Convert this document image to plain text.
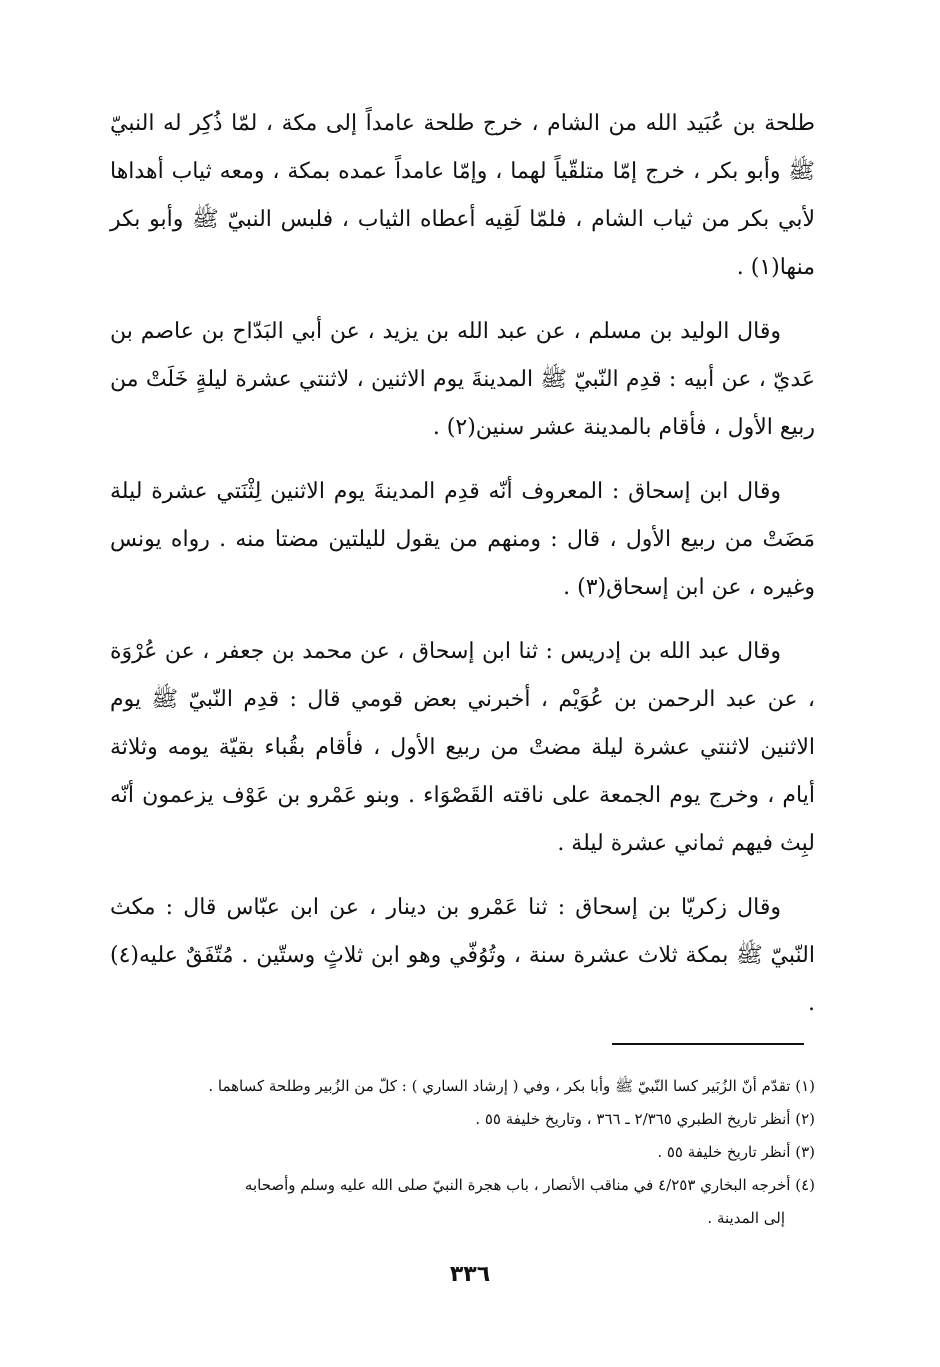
طلحة بن عُبَيد الله من الشام ، خرج طلحة عامداً إلى مكة ، لمّا ذُكِر له النبيّ ﷺ وأبو بكر ، خرج إمّا متلقّياً لهما ، وإمّا عامداً عمده بمكة ، ومعه ثياب أهداها لأبي بكر من ثياب الشام ، فلمّا لَقِيه أعطاه الثياب ، فلبس النبيّ ﷺ وأبو بكر منها(١) .

وقال الوليد بن مسلم ، عن عبد الله بن يزيد ، عن أبي البَدّاح بن عاصم بن عَديّ ، عن أبيه : قدِم النّبيّ ﷺ المدينةَ يوم الاثنين ، لاثنتي عشرة ليلةٍ خَلَتْ من ربيع الأول ، فأقام بالمدينة عشر سنين(٢) .

وقال ابن إسحاق : المعروف أنّه قدِم المدينةَ يوم الاثنين لِثْنَتي عشرة ليلة مَضَتْ من ربيع الأول ، قال : ومنهم من يقول لليلتين مضتا منه . رواه يونس وغيره ، عن ابن إسحاق(٣) .

وقال عبد الله بن إدريس : ثنا ابن إسحاق ، عن محمد بن جعفر ، عن عُرْوَة ، عن عبد الرحمن بن عُوَيْم ، أخبرني بعض قومي قال : قدِم النّبيّ ﷺ يوم الاثنين لاثنتي عشرة ليلة مضتْ من ربيع الأول ، فأقام بقُباء بقيّة يومه وثلاثة أيام ، وخرج يوم الجمعة على ناقته القَصْوَاء . وبنو عَمْرو بن عَوْف يزعمون أنّه لبِث فيهم ثماني عشرة ليلة .

وقال زكريّا بن إسحاق : ثنا عَمْرو بن دينار ، عن ابن عبّاس قال : مكث النّبيّ ﷺ بمكة ثلاث عشرة سنة ، وتُوُفّي وهو ابن ثلاثٍ وستّين . مُتّفَقٌ عليه(٤) .

(١) تقدّم أنّ الزُبَير كسا النّبيّ ﷺ وأبا بكر ، وفي ( إرشاد الساري ) : كلّ من الزُبير وطلحة كساهما .

(٢) أنظر تاريخ الطبري ٢/٣٦٥ ـ ٣٦٦ ، وتاريخ خليفة ٥٥ .

(٣) أنظر تاريخ خليفة ٥٥ .

(٤) أخرجه البخاري ٤/٢٥٣ في مناقب الأنصار ، باب هجرة النبيّ صلى الله عليه وسلم وأصحابه

إلى المدينة .

٣٣٦
